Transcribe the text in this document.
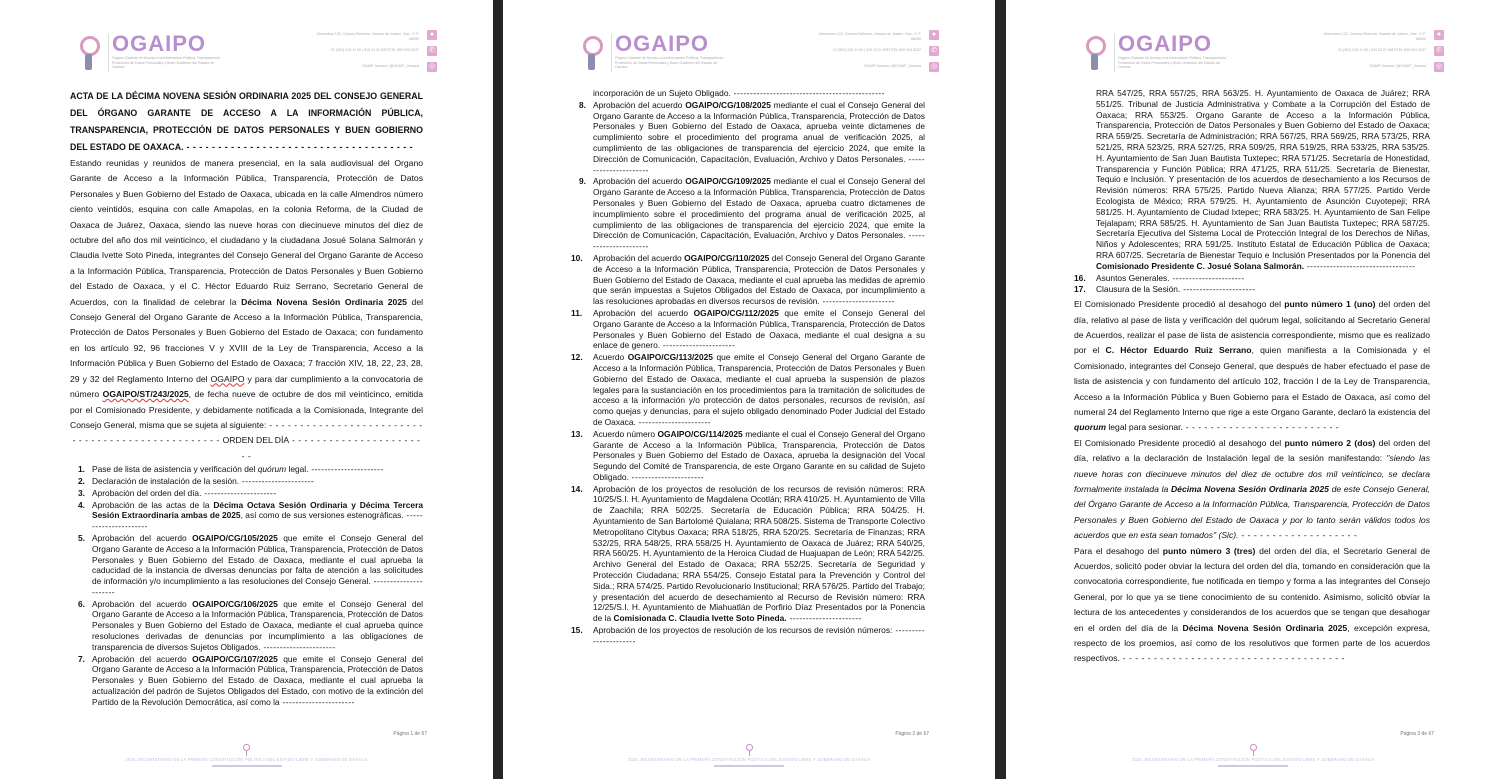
OGAIPO
Órgano Garante de Acceso a la Información Pública, Transparencia, Protección de Datos Personales y Buen Gobierno del Estado de Oaxaca
Almendros 122, Colonia Reforma, Oaxaca de Juárez, Oax., C.P. 68050
01 (951) 515 11 90 | 515 23 21 INFOTEL 800 004 3247
OGAIP Oaxaca | @OGAIP_Oaxaca
●
✆
◎
ACTA DE LA DÉCIMA NOVENA SESIÓN ORDINARIA 2025 DEL CONSEJO GENERAL DEL ÓRGANO GARANTE DE ACCESO A LA INFORMACIÓN PÚBLICA, TRANSPARENCIA, PROTECCIÓN DE DATOS PERSONALES Y BUEN GOBIERNO DEL ESTADO DE OAXACA. - - - - - - - - - - - - - - - - - - - - - - - - - - - - - - - - - - - -
Estando reunidas y reunidos de manera presencial, en la sala audiovisual del Organo Garante de Acceso a la Información Pública, Transparencia, Protección de Datos Personales y Buen Gobierno del Estado de Oaxaca, ubicada en la calle Almendros número ciento veintidós, esquina con calle Amapolas, en la colonia Reforma, de la Ciudad de Oaxaca de Juárez, Oaxaca, siendo las nueve horas con diecinueve minutos del diez de octubre del año dos mil veinticinco, el ciudadano y la ciudadana Josué Solana Salmorán y Claudia Ivette Soto Pineda, integrantes del Consejo General del Organo Garante de Acceso a la Información Pública, Transparencia, Protección de Datos Personales y Buen Gobierno del Estado de Oaxaca, y el C. Héctor Eduardo Ruiz Serrano, Secretario General de Acuerdos, con la finalidad de celebrar la Décima Novena Sesión Ordinaria 2025 del Consejo General del Organo Garante de Acceso a la Información Pública, Transparencia, Protección de Datos Personales y Buen Gobierno del Estado de Oaxaca; con fundamento en los artículo 92, 96 fracciones V y XVIII de la Ley de Transparencia, Acceso a la Información Pública y Buen Gobierno del Estado de Oaxaca; 7 fracción XIV, 18, 22, 23, 28, 29 y 32 del Reglamento Interno del OGAIPO y para dar cumplimiento a la convocatoria de número OGAIPO/ST/243/2025, de fecha nueve de octubre de dos mil veinticinco, emitida por el Comisionado Presidente, y debidamente notificada a la Comisionada, Integrante del Consejo General, misma que se sujeta al siguiente: - - - - - - - - - - - - - - - - - - - - - - - - -
- - - - - - - - - - - - - - - - - - - - - - - - ORDEN DEL DÍA - - - - - - - - - - - - - - - - - - - - - - -
1. Pase de lista de asistencia y verificación del quórum legal. ----------------------
2. Declaración de instalación de la sesión. ----------------------
3. Aprobación del orden del día. ----------------------
4. Aprobación de las actas de la Décima Octava Sesión Ordinaria y Décima Tercera Sesión Extraordinaria ambas de 2025, así como de sus versiones estenográficas. ----------------------
5. Aprobación del acuerdo OGAIPO/CG/105/2025 que emite el Consejo General del Organo Garante de Acceso a la Información Pública, Transparencia, Protección de Datos Personales y Buen Gobierno del Estado de Oaxaca, mediante el cual aprueba la caducidad de la instancia de diversas denuncias por falta de atención a las solicitudes de información y/o incumplimiento a las resoluciones del Consejo General. ----------------------
6. Aprobación del acuerdo OGAIPO/CG/106/2025 que emite el Consejo General del Organo Garante de Acceso a la Información Pública, Transparencia, Protección de Datos Personales y Buen Gobierno del Estado de Oaxaca, mediante el cual aprueba quince resoluciones derivadas de denuncias por incumplimiento a las obligaciones de transparencia de diversos Sujetos Obligados. ----------------------
7. Aprobación del acuerdo OGAIPO/CG/107/2025 que emite el Consejo General del Organo Garante de Acceso a la Información Pública, Transparencia, Protección de Datos Personales y Buen Gobierno del Estado de Oaxaca, mediante el cual aprueba la actualización del padrón de Sujetos Obligados del Estado, con motivo de la extinción del Partido de la Revolución Democrática, así como la ----------------------
Página 1 de 67
2025, BICENTENARIO DE LA PRIMERA CONSTITUCIÓN POLÍTICA DEL ESTADO LIBRE Y SOBERANO DE OAXACA
OGAIPO
Órgano Garante de Acceso a la Información Pública, Transparencia, Protección de Datos Personales y Buen Gobierno del Estado de Oaxaca
Almendros 122, Colonia Reforma, Oaxaca de Juárez, Oax., C.P. 68050
01 (951) 515 11 90 | 515 23 21 INFOTEL 800 004 3247
OGAIP Oaxaca | @OGAIP_Oaxaca
●
✆
◎
incorporación de un Sujeto Obligado. ----------------------------------------------
8. Aprobación del acuerdo OGAIPO/CG/108/2025 mediante el cual el Consejo General del Organo Garante de Acceso a la Información Pública, Transparencia, Protección de Datos Personales y Buen Gobierno del Estado de Oaxaca, aprueba veinte dictamenes de cumplimiento sobre el procedimiento del programa anual de verificación 2025, al cumplimiento de las obligaciones de transparencia del ejercicio 2024, que emite la Dirección de Comunicación, Capacitación, Evaluación, Archivo y Datos Personales. ----------------------
9. Aprobación del acuerdo OGAIPO/CG/109/2025 mediante el cual el Consejo General del Organo Garante de Acceso a la Información Pública, Transparencia, Protección de Datos Personales y Buen Gobierno del Estado de Oaxaca, aprueba cuatro dictamenes de incumplimiento sobre el procedimiento del programa anual de verificación 2025, al cumplimiento de las obligaciones de transparencia del ejercicio 2024, que emite la Dirección de Comunicación, Capacitación, Evaluación, Archivo y Datos Personales. ----------------------
10. Aprobación del acuerdo OGAIPO/CG/110/2025 del Consejo General del Organo Garante de Acceso a la Información Pública, Transparencia, Protección de Datos Personales y Buen Gobierno del Estado de Oaxaca, mediante el cual aprueba las medidas de apremio que serán impuestas a Sujetos Obligados del Estado de Oaxaca, por incumplimiento a las resoluciones aprobadas en diversos recursos de revisión. ----------------------
11. Aprobación del acuerdo OGAIPO/CG/112/2025 que emite el Consejo General del Organo Garante de Acceso a la Información Pública, Transparencia, Protección de Datos Personales y Buen Gobierno del Estado de Oaxaca, mediante el cual designa a su enlace de genero. ----------------------
12. Acuerdo OGAIPO/CG/113/2025 que emite el Consejo General del Organo Garante de Acceso a la Información Pública, Transparencia, Protección de Datos Personales y Buen Gobierno del Estado de Oaxaca, mediante el cual aprueba la suspensión de plazos legales para la sustanciación en los procedimientos para la tramitación de solicitudes de acceso a la información y/o protección de datos personales, recursos de revisión, así como quejas y denuncias, para el sujeto obligado denominado Poder Judicial del Estado de Oaxaca. ----------------------
13. Acuerdo número OGAIPO/CG/114/2025 mediante el cual el Consejo General del Organo Garante de Acceso a la Información Pública, Transparencia, Protección de Datos Personales y Buen Gobierno del Estado de Oaxaca, aprueba la designación del Vocal Segundo del Comité de Transparencia, de este Organo Garante en su calidad de Sujeto Obligado. ----------------------
14. Aprobación de los proyectos de resolución de los recursos de revisión números: RRA 10/25/S.I. H. Ayuntamiento de Magdalena Ocotlán; RRA 410/25. H. Ayuntamiento de Villa de Zaachila; RRA 502/25. Secretaría de Educación Pública; RRA 504/25. H. Ayuntamiento de San Bartolomé Quialana; RRA 508/25. Sistema de Transporte Colectivo Metropolitano Citybus Oaxaca; RRA 518/25, RRA 520/25. Secretaría de Finanzas; RRA 532/25, RRA 548/25, RRA 558/25 H. Ayuntamiento de Oaxaca de Juárez; RRA 540/25, RRA 560/25. H. Ayuntamiento de la Heroica Ciudad de Huajuapan de León; RRA 542/25. Archivo General del Estado de Oaxaca; RRA 552/25. Secretaría de Seguridad y Protección Ciudadana; RRA 554/25. Consejo Estatal para la Prevención y Control del Sida.; RRA 574/25. Partido Revolucionario Institucional; RRA 576/25. Partido del Trabajo; y presentación del acuerdo de desechamiento al Recurso de Revisión número: RRA 12/25/S.I. H. Ayuntamiento de Miahuatlán de Porfirio Díaz Presentados por la Ponencia de la Comisionada C. Claudia Ivette Soto Pineda. ----------------------
15. Aprobación de los proyectos de resolución de los recursos de revisión números: ----------------------
Página 2 de 67
2025, BICENTENARIO DE LA PRIMERA CONSTITUCIÓN POLÍTICA DEL ESTADO LIBRE Y SOBERANO DE OAXACA
OGAIPO
Órgano Garante de Acceso a la Información Pública, Transparencia, Protección de Datos Personales y Buen Gobierno del Estado de Oaxaca
Almendros 122, Colonia Reforma, Oaxaca de Juárez, Oax., C.P. 68050
01 (951) 515 11 90 | 515 23 21 INFOTEL 800 004 3247
OGAIP Oaxaca | @OGAIP_Oaxaca
●
✆
◎
RRA 547/25, RRA 557/25, RRA 563/25. H. Ayuntamiento de Oaxaca de Juárez; RRA 551/25. Tribunal de Justicia Administrativa y Combate a la Corrupción del Estado de Oaxaca; RRA 553/25. Organo Garante de Acceso a la Información Pública, Transparencia, Protección de Datos Personales y Buen Gobierno del Estado de Oaxaca; RRA 559/25. Secretaría de Administración; RRA 567/25, RRA 569/25, RRA 573/25, RRA 521/25, RRA 523/25, RRA 527/25, RRA 509/25, RRA 519/25, RRA 533/25, RRA 535/25. H. Ayuntamiento de San Juan Bautista Tuxtepec; RRA 571/25. Secretaría de Honestidad, Transparencia y Función Pública; RRA 471/25, RRA 511/25. Secretaría de Bienestar, Tequio e Inclusión. Y presentación de los acuerdos de desechamiento a los Recursos de Revisión números: RRA 575/25. Partido Nueva Alianza; RRA 577/25. Partido Verde Ecologista de México; RRA 579/25. H. Ayuntamiento de Asunción Cuyotepeji; RRA 581/25. H. Ayuntamiento de Ciudad Ixtepec; RRA 583/25. H. Ayuntamiento de San Felipe Tejalapam; RRA 585/25. H. Ayuntamiento de San Juan Bautista Tuxtepec; RRA 587/25. Secretaría Ejecutiva del Sistema Local de Protección Integral de los Derechos de Niñas, Niños y Adolescentes; RRA 591/25. Instituto Estatal de Educación Pública de Oaxaca; RRA 607/25. Secretaría de Bienestar Tequio e Inclusión Presentados por la Ponencia del Comisionado Presidente C. Josué Solana Salmorán. ---------------------------------
16. Asuntos Generales. ----------------------
17. Clausura de la Sesión. ----------------------
El Comisionado Presidente procedió al desahogo del punto número 1 (uno) del orden del día, relativo al pase de lista y verificación del quórum legal, solicitando al Secretario General de Acuerdos, realizar el pase de lista de asistencia correspondiente, mismo que es realizado por el C. Héctor Eduardo Ruiz Serrano, quien manifiesta a la Comisionada y el Comisionado, integrantes del Consejo General, que después de haber efectuado el pase de lista de asistencia y con fundamento del artículo 102, fracción I de la Ley de Transparencia, Acceso a la Información Pública y Buen Gobierno para el Estado de Oaxaca, así como del numeral 24 del Reglamento Interno que rige a este Organo Garante, declaró la existencia del quorum legal para sesionar. - - - - - - - - - - - - - - - - - - - - - - - - -
El Comisionado Presidente procedió al desahogo del punto número 2 (dos) del orden del día, relativo a la declaración de Instalación legal de la sesión manifestando: "siendo las nueve horas con diecinueve minutos del diez de octubre dos mil veinticinco, se declara formalmente instalada la Décima Novena Sesión Ordinaria 2025 de este Consejo General, del Órgano Garante de Acceso a la Información Pública, Transparencia, Protección de Datos Personales y Buen Gobierno del Estado de Oaxaca y por lo tanto serán válidos todos los acuerdos que en esta sean tomados" (Sic). - - - - - - - - - - - - - - - - - - -
Para el desahogo del punto número 3 (tres) del orden del día, el Secretario General de Acuerdos, solicitó poder obviar la lectura del orden del día, tomando en consideración que la convocatoria correspondiente, fue notificada en tiempo y forma a las integrantes del Consejo General, por lo que ya se tiene conocimiento de su contenido. Asimismo, solicitó obviar la lectura de los antecedentes y considerandos de los acuerdos que se tengan que desahogar en el orden del día de la Décima Novena Sesión Ordinaria 2025, excepción expresa, respecto de los proemios, así como de los resolutivos que formen parte de los acuerdos respectivos. - - - - - - - - - - - - - - - - - - - - - - - - - - - - - - - - - - - -
Página 3 de 67
2025, BICENTENARIO DE LA PRIMERA CONSTITUCIÓN POLÍTICA DEL ESTADO LIBRE Y SOBERANO DE OAXACA
